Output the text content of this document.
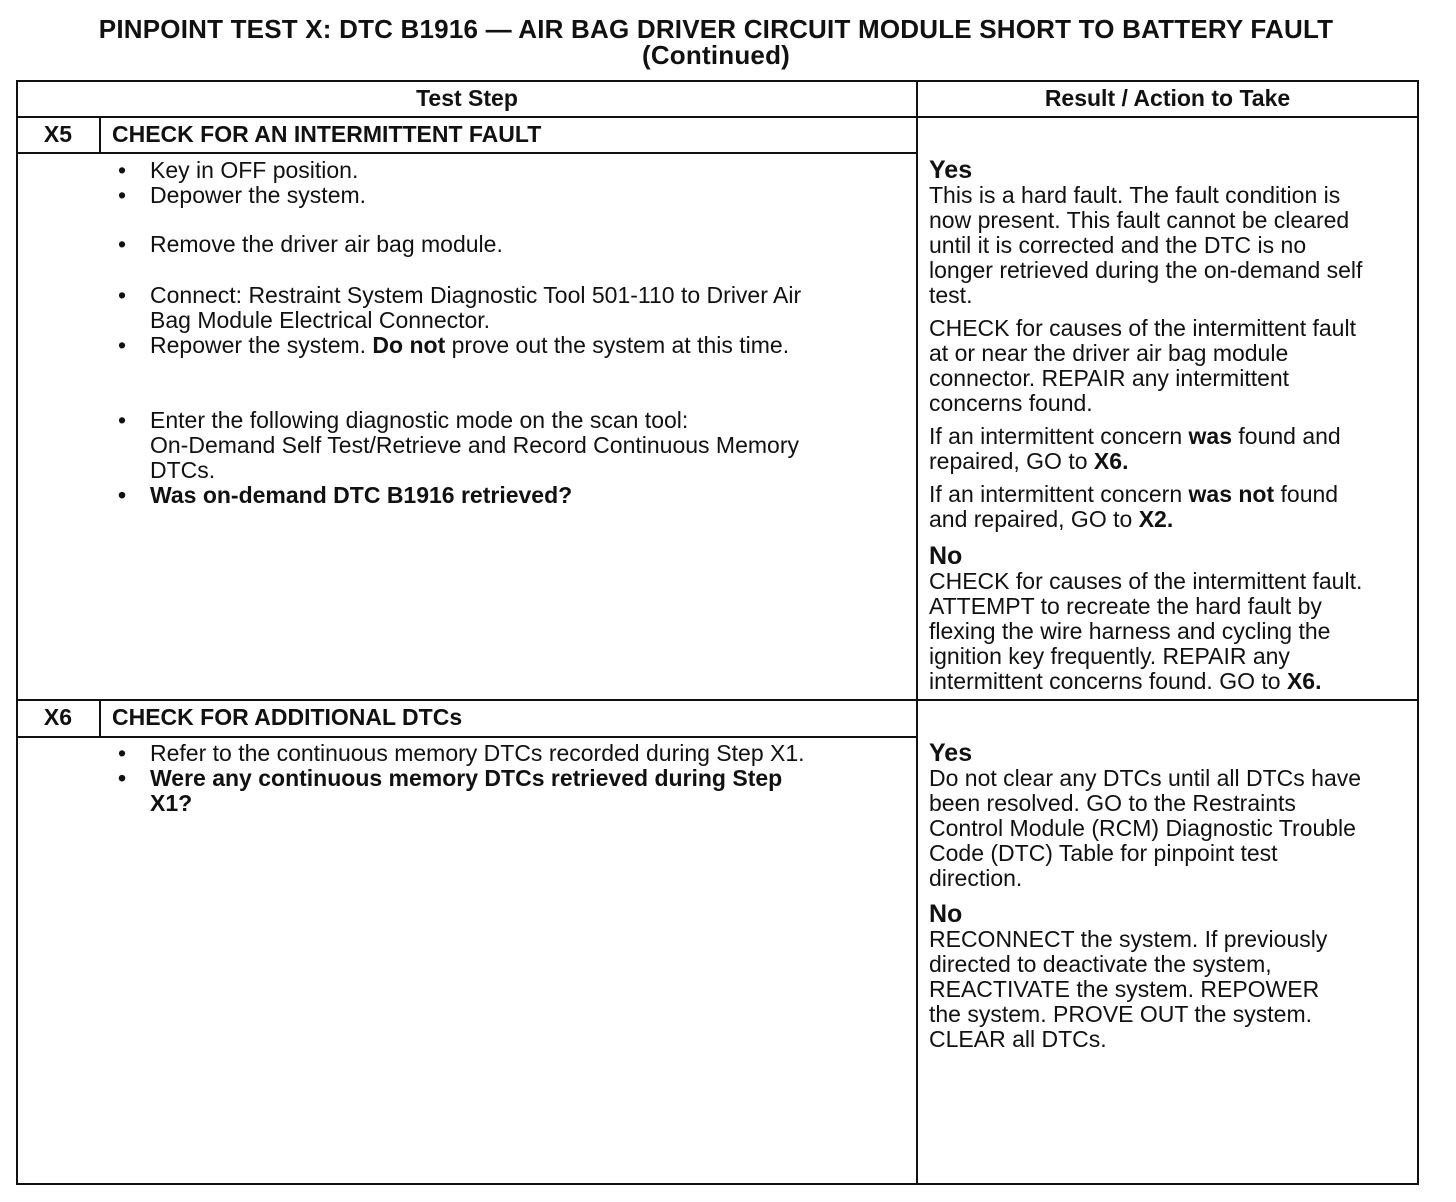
PINPOINT TEST X: DTC B1916 — AIR BAG DRIVER CIRCUIT MODULE SHORT TO BATTERY FAULT
(Continued)
Test Step	Result / Action to Take
X5	CHECK FOR AN INTERMITTENT FAULT
• Key in OFF position.
• Depower the system.
• Remove the driver air bag module.
• Connect: Restraint System Diagnostic Tool 501-110 to Driver Air
Bag Module Electrical Connector.
• Repower the system. Do not prove out the system at this time.
• Enter the following diagnostic mode on the scan tool:
On-Demand Self Test/Retrieve and Record Continuous Memory
DTCs.
• Was on-demand DTC B1916 retrieved?
Yes
This is a hard fault. The fault condition is
now present. This fault cannot be cleared
until it is corrected and the DTC is no
longer retrieved during the on-demand self
test.
CHECK for causes of the intermittent fault
at or near the driver air bag module
connector. REPAIR any intermittent
concerns found.
If an intermittent concern was found and
repaired, GO to X6.
If an intermittent concern was not found
and repaired, GO to X2.
No
CHECK for causes of the intermittent fault.
ATTEMPT to recreate the hard fault by
flexing the wire harness and cycling the
ignition key frequently. REPAIR any
intermittent concerns found. GO to X6.
X6	CHECK FOR ADDITIONAL DTCs
• Refer to the continuous memory DTCs recorded during Step X1.
• Were any continuous memory DTCs retrieved during Step
X1?
Yes
Do not clear any DTCs until all DTCs have
been resolved. GO to the Restraints
Control Module (RCM) Diagnostic Trouble
Code (DTC) Table for pinpoint test
direction.
No
RECONNECT the system. If previously
directed to deactivate the system,
REACTIVATE the system. REPOWER
the system. PROVE OUT the system.
CLEAR all DTCs.
